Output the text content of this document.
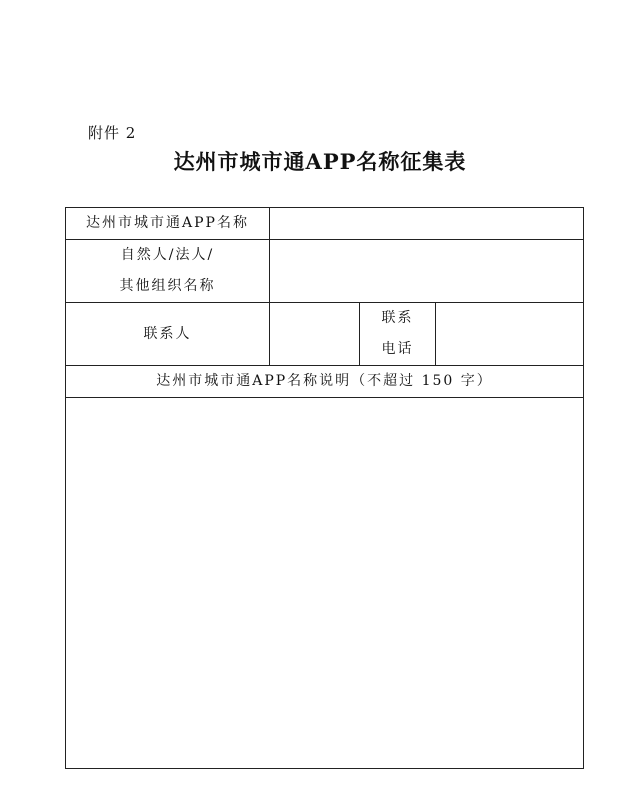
附件 2
达州市城市通APP名称征集表
达州市城市通APP名称			

自然人/法人/
其他组织名称			

联系人		联系
电话	

达州市城市通APP名称说明（不超过 150 字）			
